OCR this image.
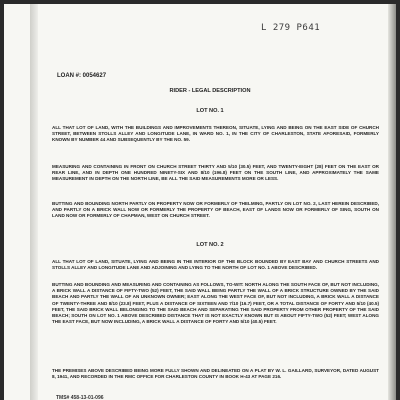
L 279 P641
LOAN #: 0054627
RIDER - LEGAL DESCRIPTION
LOT NO. 1
ALL THAT LOT OF LAND, WITH THE BUILDINGS AND IMPROVEMENTS THEREON, SITUATE, LYING AND BEING ON THE EAST SIDE OF CHURCH STREET, BETWEEN STOLLS ALLEY AND LONGITUDE LANE, IN WARD NO. 1, IN THE CITY OF CHARLESTON, STATE AFORESAID, FORMERLY KNOWN BY NUMBER 44 AND SUBSEQUENTLY BY THE NO. 59.
MEASURING AND CONTAINING IN FRONT ON CHURCH STREET THIRTY AND 5/10 (30.5) FEET, AND TWENTY-EIGHT (28) FEET ON THE EAST OR REAR LINE, AND IN DEPTH ONE HUNDRED NINETY-SIX AND 8/10 (196.8) FEET ON THE SOUTH LINE, AND APPROXIMATELY THE SAME MEASUREMENT IN DEPTH ON THE NORTH LINE, BE ALL THE SAID MEASUREMENTS MORE OR LESS.
BUTTING AND BOUNDING NORTH PARTLY ON PROPERTY NOW OR FORMERLY OF THELMING, PARTLY ON LOT NO. 2, LAST HEREIN DESCRIBED, AND PARTLY ON A BRICK WALL NOW OR FORMERLY THE PROPERTY OF BEACH, EAST OF LANDS NOW OR FORMERLY OF SING, SOUTH ON LAND NOW OR FORMERLY OF CHAPMAN, WEST ON CHURCH STREET.
LOT NO. 2
ALL THAT LOT OF LAND, SITUATE, LYING AND BEING IN THE INTERIOR OF THE BLOCK BOUNDED BY EAST BAY AND CHURCH STREETS AND STOLLS ALLEY AND LONGITUDE LANE AND ADJOINING AND LYING TO THE NORTH OF LOT NO. 1 ABOVE DESCRIBED.
BUTTING AND BOUNDING AND MEASURING AND CONTAINING AS FOLLOWS, TO-WIT: NORTH ALONG THE SOUTH FACE OF, BUT NOT INCLUDING, A BRICK WALL A DISTANCE OF FIFTY-TWO (52) FEET, THE SAID WALL BEING PARTLY THE WALL OF A BRICK STRUCTURE OWNED BY THE SAID BEACH AND PARTLY THE WALL OF AN UNKNOWN OWNER; EAST ALONG THE WEST FACE OF, BUT NOT INCLUDING, A BRICK WALL A DISTANCE OF TWENTY-THREE AND 8/10 (23.8) FEET, PLUS A DISTANCE OF SIXTEEN AND 7/10 (16.7) FEET, OR A TOTAL DISTANCE OF FORTY AND 5/10 (40.5) FEET, THE SAID BRICK WALL BELONGING TO THE SAID BEACH AND SEPARATING THE SAID PROPERTY FROM OTHER PROPERTY OF THE SAID BEACH; SOUTH ON LOT NO. 1 ABOVE DESCRIBED DISTANCE THAT IS NOT EXACTLY KNOWN BUT IS ABOUT FIFTY-TWO (52) FEET; WEST ALONG THE EAST FACE, BUT NOW INCLUDING, A BRICK WALL A DISTANCE OF FORTY AND 5/10 (40.5) FEET.
THE PREMISES ABOVE DESCRIBED BEING MORE FULLY SHOWN AND DELINEATED ON A PLAT BY W. L. GAILLARD, SURVEYOR, DATED AUGUST 8, 1941, AND RECORDED IN THE RMC OFFICE FOR CHARLESTON COUNTY IN BOOK H-43 AT PAGE 216.
TMS# 458-13-01-096
